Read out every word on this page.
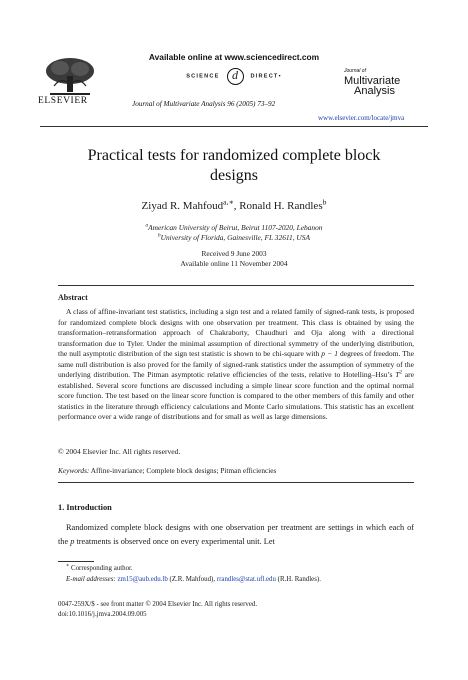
Available online at www.sciencedirect.com
SCIENCE d DIRECT•
ELSEVIER	Journal of Multivariate Analysis 96 (2005) 73–92
www.elsevier.com/locate/jmva
Journal of
Multivariate
Analysis
Practical tests for randomized complete block
designs
Ziyad R. Mahfoud$^{a,∗}$, Ronald H. Randles$^b$
$^a$American University of Beirut, Beirut 1107-2020, Lebanon
$^b$University of Florida, Gainesville, FL 32611, USA
Received 9 June 2003
Available online 11 November 2004
Abstract
A class of affine-invariant test statistics, including a sign test and a related family of signed-rank tests, is proposed for randomized complete block designs with one observation per treatment. This class is obtained by using the transformation–retransformation approach of Chakraborty, Chaudhuri and Oja along with a directional transformation due to Tyler. Under the minimal assumption of directional symmetry of the underlying distribution, the null asymptotic distribution of the sign test statistic is shown to be chi-square with p − 1 degrees of freedom. The same null distribution is also proved for the family of signed-rank statistics under the assumption of symmetry of the underlying distribution. The Pitman asymptotic relative efficiencies of the tests, relative to Hotelling–Hsu’s $T^2$ are established. Several score functions are discussed including a simple linear score function and the optimal normal score function. The test based on the linear score function is compared to the other members of this family and other statistics in the literature through efficiency calculations and Monte Carlo simulations. This statistic has an excellent performance over a wide range of distributions and for small as well as large dimensions.
© 2004 Elsevier Inc. All rights reserved.
Keywords: Affine-invariance; Complete block designs; Pitman efficiencies
1. Introduction
Randomized complete block designs with one observation per treatment are settings in which each of the p treatments is observed once on every experimental unit. Let
∗ Corresponding author.
E-mail addresses: zm15@aub.edu.lb (Z.R. Mahfoud), rrandles@stat.ufl.edu (R.H. Randles).
0047-259X/$ - see front matter © 2004 Elsevier Inc. All rights reserved.
doi:10.1016/j.jmva.2004.09.005
